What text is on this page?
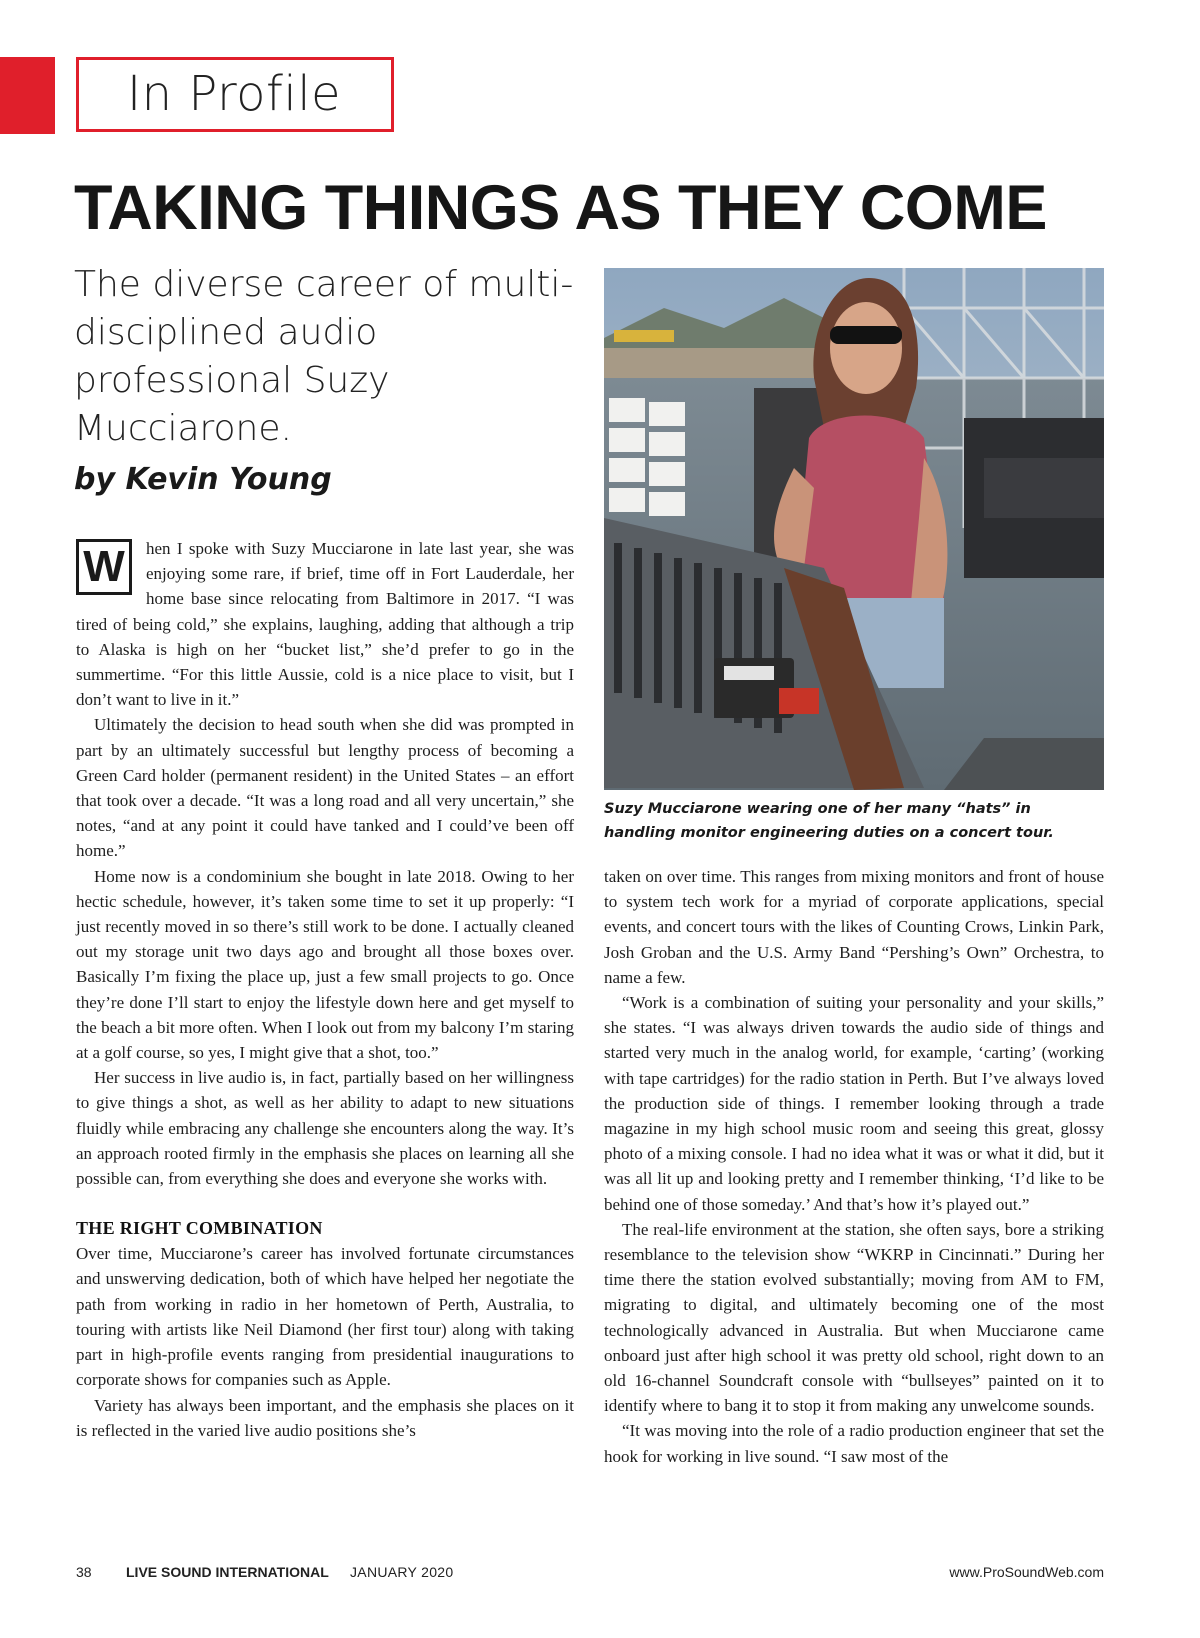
In Profile
TAKING THINGS AS THEY COME
The diverse career of multi-disciplined audio professional Suzy Mucciarone.
by Kevin Young
Suzy Mucciarone wearing one of her many “hats” in handling monitor engineering duties on a concert tour.
W	hen I spoke with Suzy Mucciarone in late last year, she was enjoying some rare, if brief, time off in Fort Lauderdale, her home base since relocating from Baltimore in 2017. “I was tired of being cold,” she explains, laughing, adding that although a trip to Alaska is high on her “bucket list,” she’d prefer to go in the summertime. “For this little Aussie, cold is a nice place to visit, but I don’t want to live in it.”

Ultimately the decision to head south when she did was prompted in part by an ultimately successful but lengthy process of becoming a Green Card holder (permanent resident) in the United States – an effort that took over a decade. “It was a long road and all very uncertain,” she notes, “and at any point it could have tanked and I could’ve been off home.”

Home now is a condominium she bought in late 2018. Owing to her hectic schedule, however, it’s taken some time to set it up properly: “I just recently moved in so there’s still work to be done. I actually cleaned out my storage unit two days ago and brought all those boxes over. Basically I’m fixing the place up, just a few small projects to go. Once they’re done I’ll start to enjoy the lifestyle down here and get myself to the beach a bit more often. When I look out from my balcony I’m staring at a golf course, so yes, I might give that a shot, too.”

Her success in live audio is, in fact, partially based on her willingness to give things a shot, as well as her ability to adapt to new situations fluidly while embracing any challenge she encounters along the way. It’s an approach rooted firmly in the emphasis she places on learning all she possible can, from everything she does and everyone she works with.

THE RIGHT COMBINATION

Over time, Mucciarone’s career has involved fortunate circumstances and unswerving dedication, both of which have helped her negotiate the path from working in radio in her hometown of Perth, Australia, to touring with artists like Neil Diamond (her first tour) along with taking part in high-profile events ranging from presidential inaugurations to corporate shows for companies such as Apple.

Variety has always been important, and the emphasis she places on it is reflected in the varied live audio positions she’s

taken on over time. This ranges from mixing monitors and front of house to system tech work for a myriad of corporate applications, special events, and concert tours with the likes of Counting Crows, Linkin Park, Josh Groban and the U.S. Army Band “Pershing’s Own” Orchestra, to name a few.

“Work is a combination of suiting your personality and your skills,” she states. “I was always driven towards the audio side of things and started very much in the analog world, for example, ‘carting’ (working with tape cartridges) for the radio station in Perth. But I’ve always loved the production side of things. I remember looking through a trade magazine in my high school music room and seeing this great, glossy photo of a mixing console. I had no idea what it was or what it did, but it was all lit up and looking pretty and I remember thinking, ‘I’d like to be behind one of those someday.’ And that’s how it’s played out.”

The real-life environment at the station, she often says, bore a striking resemblance to the television show “WKRP in Cincinnati.” During her time there the station evolved substantially; moving from AM to FM, migrating to digital, and ultimately becoming one of the most technologically advanced in Australia. But when Mucciarone came onboard just after high school it was pretty old school, right down to an old 16-channel Soundcraft console with “bullseyes” painted on it to identify where to bang it to stop it from making any unwelcome sounds.

“It was moving into the role of a radio production engineer that set the hook for working in live sound. “I saw most of the

38 LIVE SOUND INTERNATIONAL JANUARY 2020	www.ProSoundWeb.com
